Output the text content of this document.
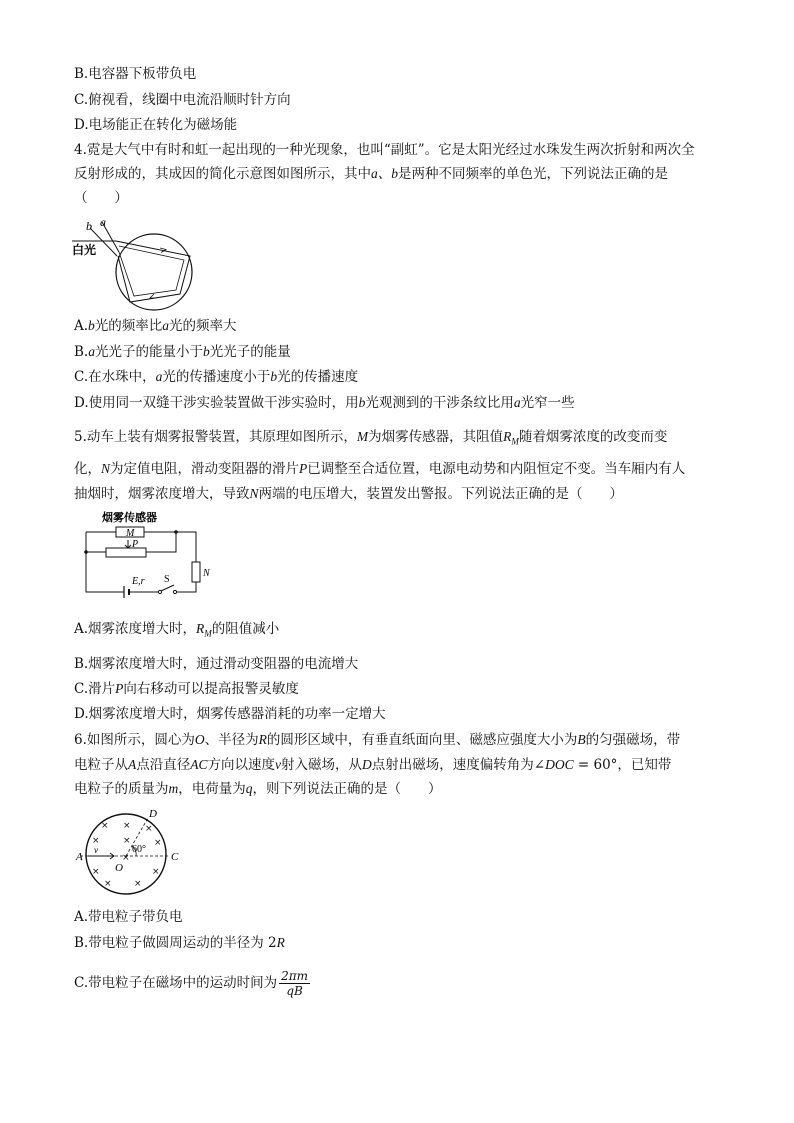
B.电容器下板带负电
C.俯视看，线圈中电流沿顺时针方向
D.电场能正在转化为磁场能
4.霓是大气中有时和虹一起出现的一种光现象，也叫“副虹”。它是太阳光经过水珠发生两次折射和两次全
反射形成的，其成因的简化示意图如图所示，其中a、b是两种不同频率的单色光，下列说法正确的是
（　　）
b a
白光
A.b光的频率比a光的频率大
B.a光光子的能量小于b光光子的能量
C.在水珠中，a光的传播速度小于b光的传播速度
D.使用同一双缝干涉实验装置做干涉实验时，用b光观测到的干涉条纹比用a光窄一些
5.动车上装有烟雾报警装置，其原理如图所示，M为烟雾传感器，其阻值$R_M$随着烟雾浓度的改变而变
化，N为定值电阻，滑动变阻器的滑片P已调整至合适位置，电源电动势和内阻恒定不变。当车厢内有人
抽烟时，烟雾浓度增大，导致N两端的电压增大，装置发出警报。下列说法正确的是（　　）
烟雾传感器
M
P
N
E,r S
A.烟雾浓度增大时，$R_M$的阻值减小
B.烟雾浓度增大时，通过滑动变阻器的电流增大
C.滑片P向右移动可以提高报警灵敏度
D.烟雾浓度增大时，烟雾传感器消耗的功率一定增大
6.如图所示，圆心为O、半径为R的圆形区域中，有垂直纸面向里、磁感应强度大小为B的匀强磁场，带
电粒子从A点沿直径AC方向以速度v射入磁场，从D点射出磁场，速度偏转角为∠DOC = 60°，已知带
电粒子的质量为m，电荷量为q，则下列说法正确的是（　　）
D
A
v	60°
C
O
× × ×
×	×	×
×
×	×
× ×
A.带电粒子带负电
B.带电粒子做圆周运动的半径为 2R
C.带电粒子在磁场中的运动时间为 $\frac{2\pi m}{qB}$
